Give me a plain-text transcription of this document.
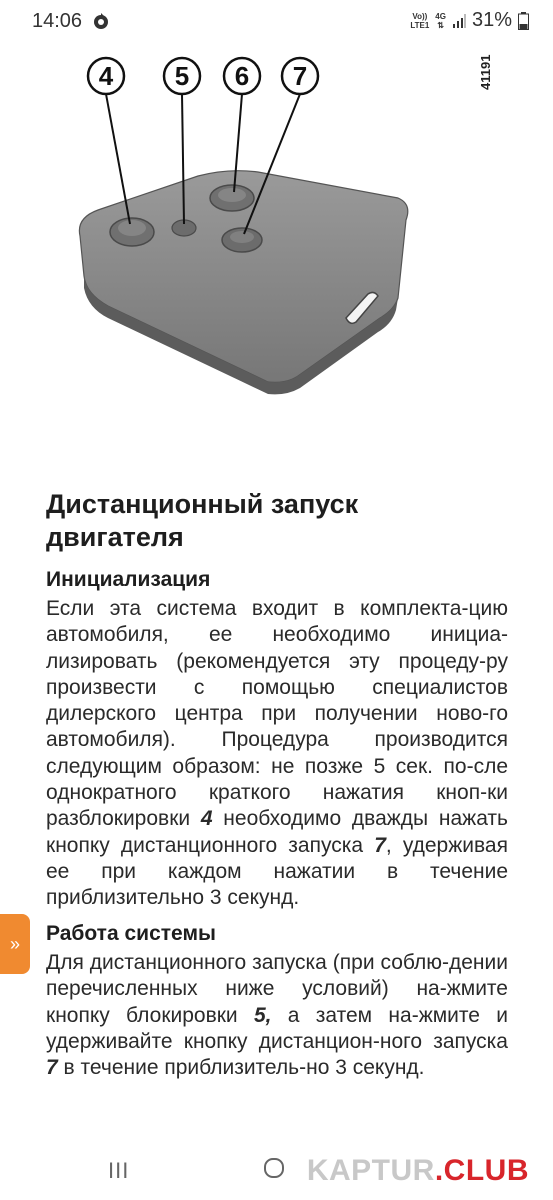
14:06	Vo))
LTE1
4G
⇅ 31%
4 5 6 7	41191
Дистанционный запуск
двигателя
Инициализация

Если эта система входит в комплекта-цию автомобиля, ее необходимо инициа-лизировать (рекомендуется эту процеду-ру произвести с помощью специалистов дилерского центра при получении ново-го автомобиля). Процедура производится следующим образом: не позже 5 сек. по-сле однократного краткого нажатия кноп-ки разблокировки 4 необходимо дважды нажать кнопку дистанционного запуска 7, удерживая ее при каждом нажатии в течение приблизительно 3 секунд.

» Работа системы

Для дистанционного запуска (при соблю-дении перечисленных ниже условий) на-жмите кнопку блокировки 5, а затем на-жмите и удерживайте кнопку дистанцион-ного запуска 7 в течение приблизитель-но 3 секунд.

III	KAPTUR.CLUB
